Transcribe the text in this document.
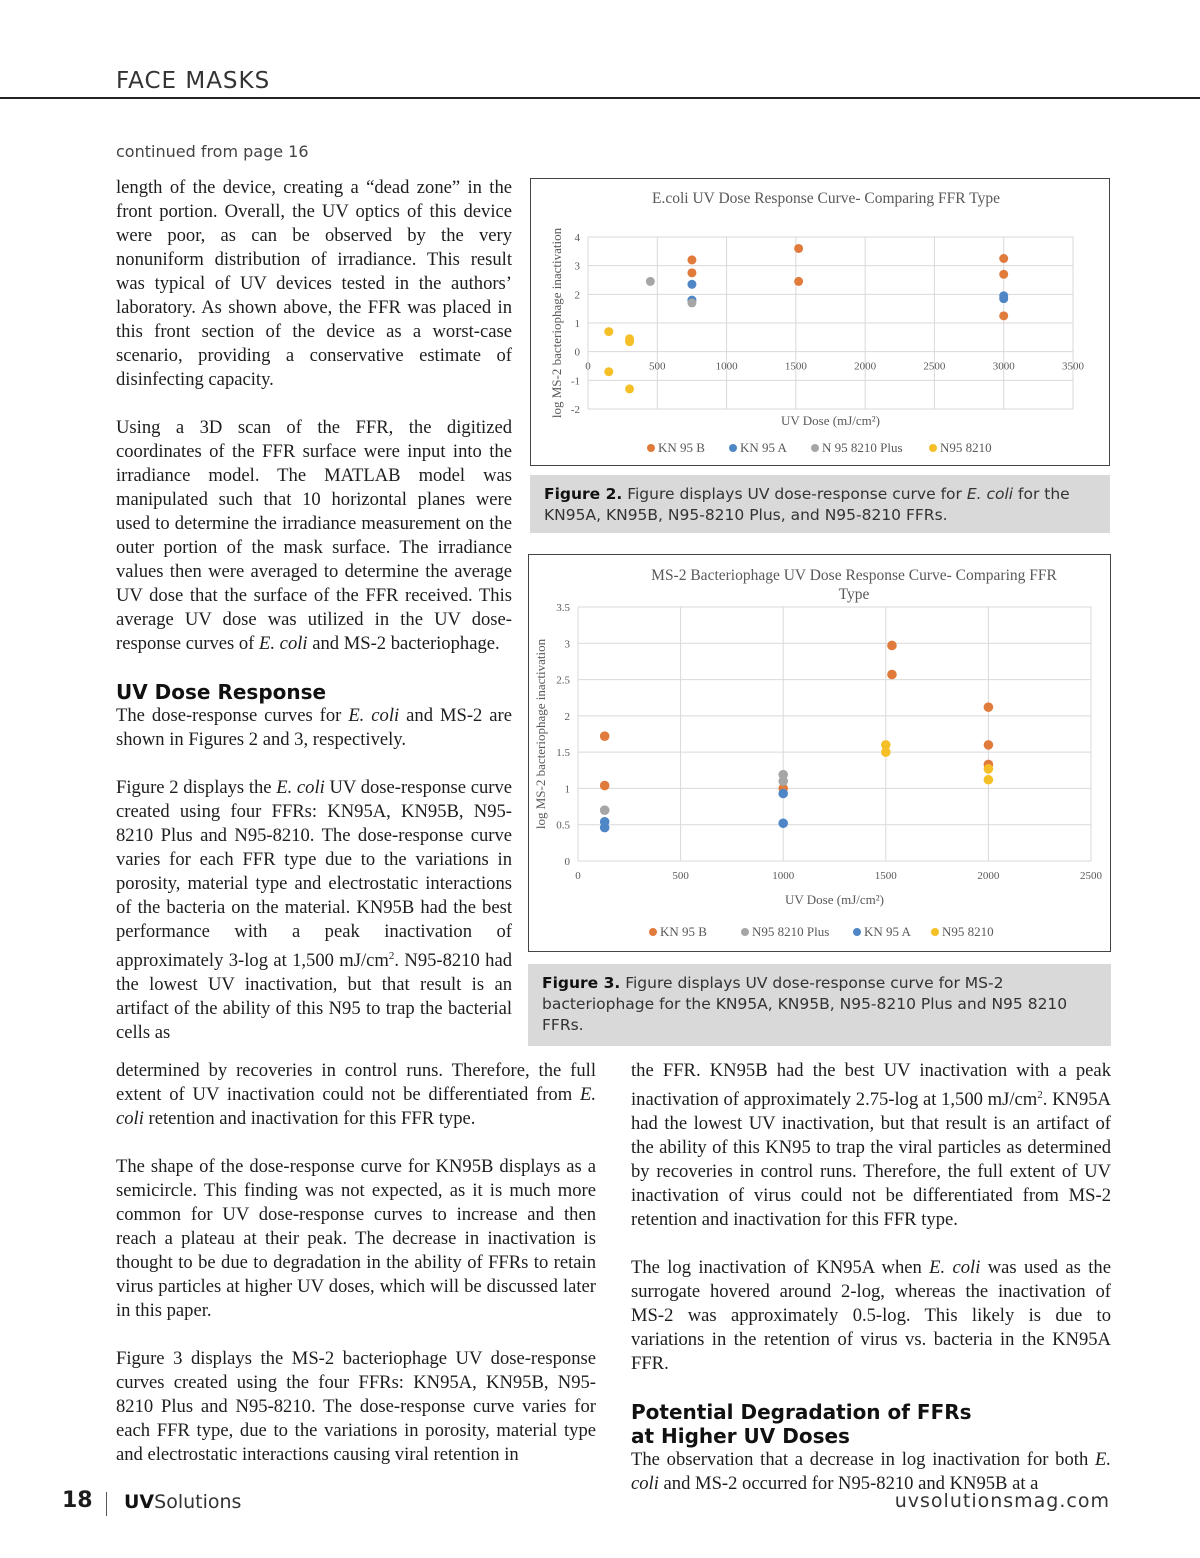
FACE MASKS
continued from page 16

length of the device, creating a “dead zone” in the front portion. Overall, the UV optics of this device were poor, as can be observed by the very nonuniform distribution of irradiance. This result was typical of UV devices tested in the authors’ laboratory. As shown above, the FFR was placed in this front section of the device as a worst-case scenario, providing a conservative estimate of disinfecting capacity.

Using a 3D scan of the FFR, the digitized coordinates of the FFR surface were input into the irradiance model. The MATLAB model was manipulated such that 10 horizontal planes were used to determine the irradiance measurement on the outer portion of the mask surface. The irradiance values then were averaged to determine the average UV dose that the surface of the FFR received. This average UV dose was utilized in the UV dose-response curves of E. coli and MS-2 bacteriophage.

UV Dose Response

The dose-response curves for E. coli and MS-2 are shown in Figures 2 and 3, respectively.

Figure 2 displays the E. coli UV dose-response curve created using four FFRs: KN95A, KN95B, N95-8210 Plus and N95-8210. The dose-response curve varies for each FFR type due to the variations in porosity, material type and electrostatic interactions of the bacteria on the material. KN95B had the best performance with a peak inactivation of approximately 3-log at 1,500 $mJ/cm^2$. N95-8210 had the lowest UV inactivation, but that result is an artifact of the ability of this N95 to trap the bacterial cells as

determined by recoveries in control runs. Therefore, the full extent of UV inactivation could not be differentiated from E. coli retention and inactivation for this FFR type.

The shape of the dose-response curve for KN95B displays as a semicircle. This finding was not expected, as it is much more common for UV dose-response curves to increase and then reach a plateau at their peak. The decrease in inactivation is thought to be due to degradation in the ability of FFRs to retain virus particles at higher UV doses, which will be discussed later in this paper.

Figure 3 displays the MS-2 bacteriophage UV dose-response curves created using the four FFRs: KN95A, KN95B, N95-8210 Plus and N95-8210. The dose-response curve varies for each FFR type, due to the variations in porosity, material type and electrostatic interactions causing viral retention in

the FFR. KN95B had the best UV inactivation with a peak inactivation of approximately 2.75-log at 1,500 $mJ/cm^2$. KN95A had the lowest UV inactivation, but that result is an artifact of the ability of this KN95 to trap the viral particles as determined by recoveries in control runs. Therefore, the full extent of UV inactivation of virus could not be differentiated from MS-2 retention and inactivation for this FFR type.

The log inactivation of KN95A when E. coli was used as the surrogate hovered around 2-log, whereas the inactivation of MS-2 was approximately 0.5-log. This likely is due to variations in the retention of virus vs. bacteria in the KN95A FFR.

Potential Degradation of FFRs
at Higher UV Doses

The observation that a decrease in log inactivation for both E. coli and MS-2 occurred for N95-8210 and KN95B at a

E.coli UV Dose Response Curve- Comparing FFR Type
-2
-1
0
1
2
3
4
0	500	1000	1500	2000	2500	3000	3500
UV Dose (mJ/cm²)
log MS-2 bacteriophage inactivation
KN 95 B	KN 95 A	N 95 8210 Plus	N95 8210
Figure 2. Figure displays UV dose-response curve for E. coli for the KN95A, KN95B, N95-8210 Plus, and N95-8210 FFRs.
MS-2 Bacteriophage UV Dose Response Curve- Comparing FFR
Type
0
0.5
1
1.5
2
2.5
3
3.5
0	500	1000	1500	2000	2500
UV Dose (mJ/cm²)
log MS-2 bacteriophage inactivation
KN 95 B	N95 8210 Plus	KN 95 A N95 8210
Figure 3. Figure displays UV dose-response curve for MS-2 bacteriophage for the KN95A, KN95B, N95-8210 Plus and N95 8210 FFRs.
18 UVSolutions	uvsolutionsmag.com
